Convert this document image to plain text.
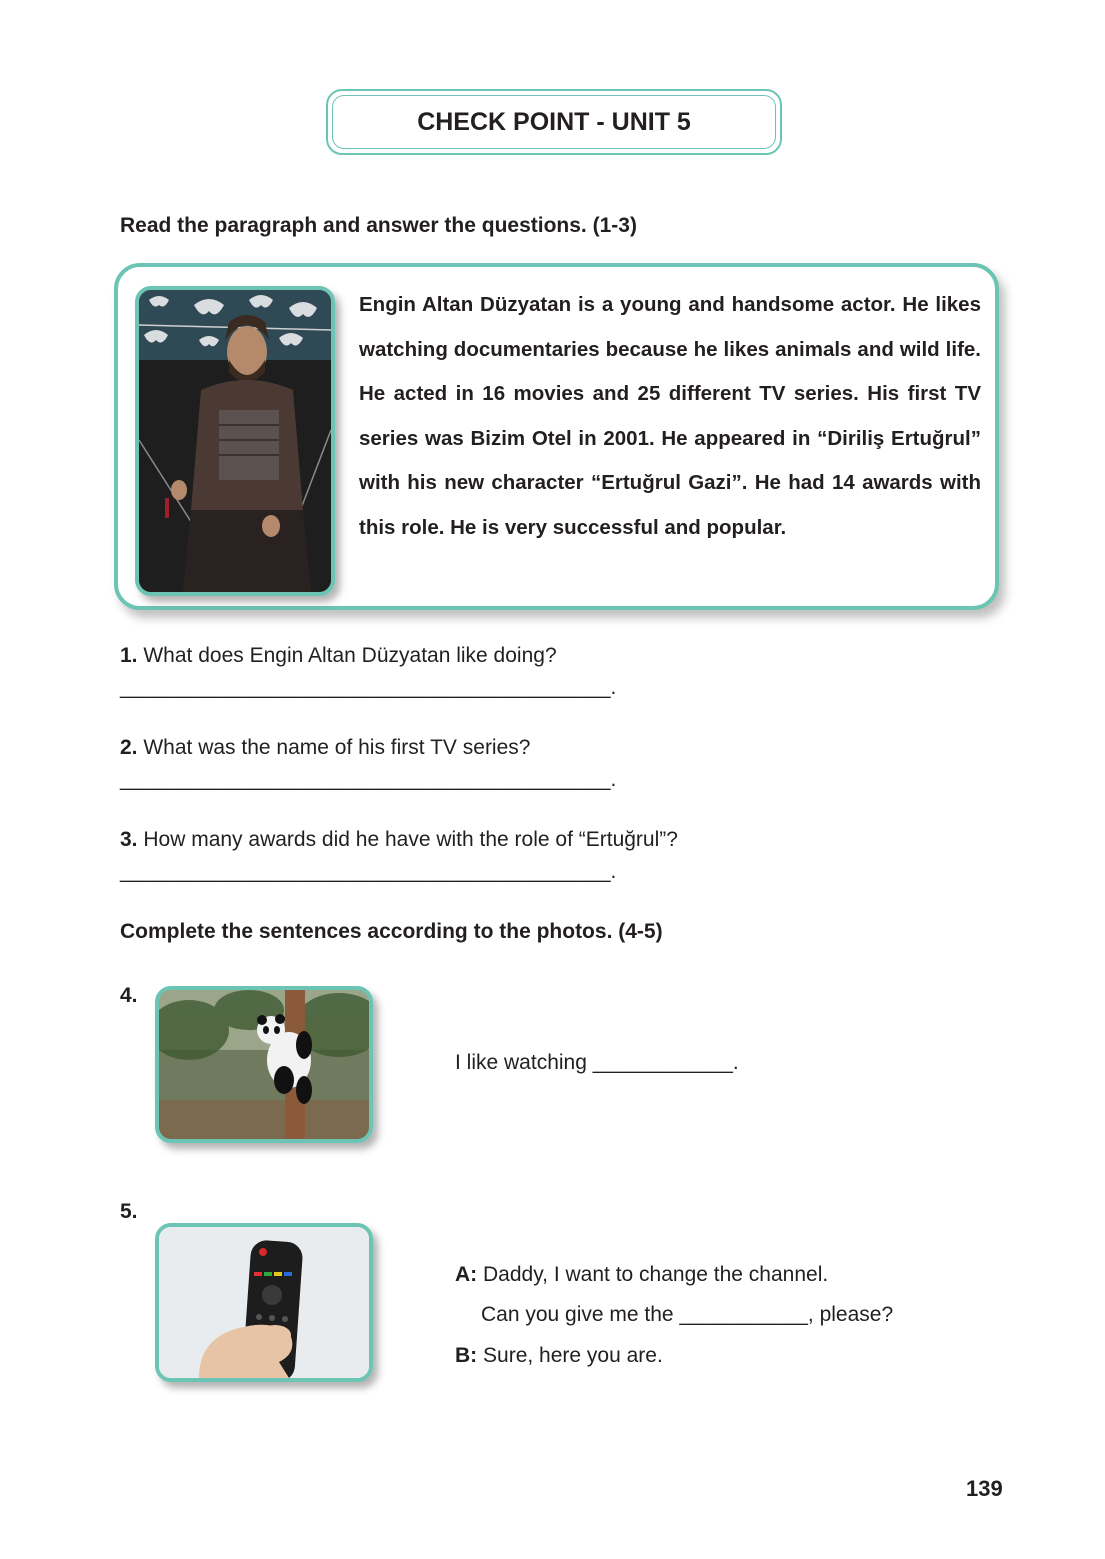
CHECK POINT - UNIT 5
Read the paragraph and answer the questions. (1-3)
Engin Altan Düzyatan is a young and handsome actor. He likes watching documentaries because he likes animals and wild life. He acted in 16 movies and 25 different TV series. His first TV series was Bizim Otel in 2001. He appeared in “Diriliş Ertuğrul” with his new character “Ertuğrul Gazi”. He had 14 awards with this role. He is very successful and popular.
1. What does Engin Altan Düzyatan like doing?
__________________________________________.
2. What was the name of his first TV series?
__________________________________________.
3. How many awards did he have with the role of “Ertuğrul”?
__________________________________________.
Complete the sentences according to the photos. (4-5)
4.
I like watching ____________.
5.
A: Daddy, I want to change the channel.
Can you give me the ___________, please?
B: Sure, here you are.
139
